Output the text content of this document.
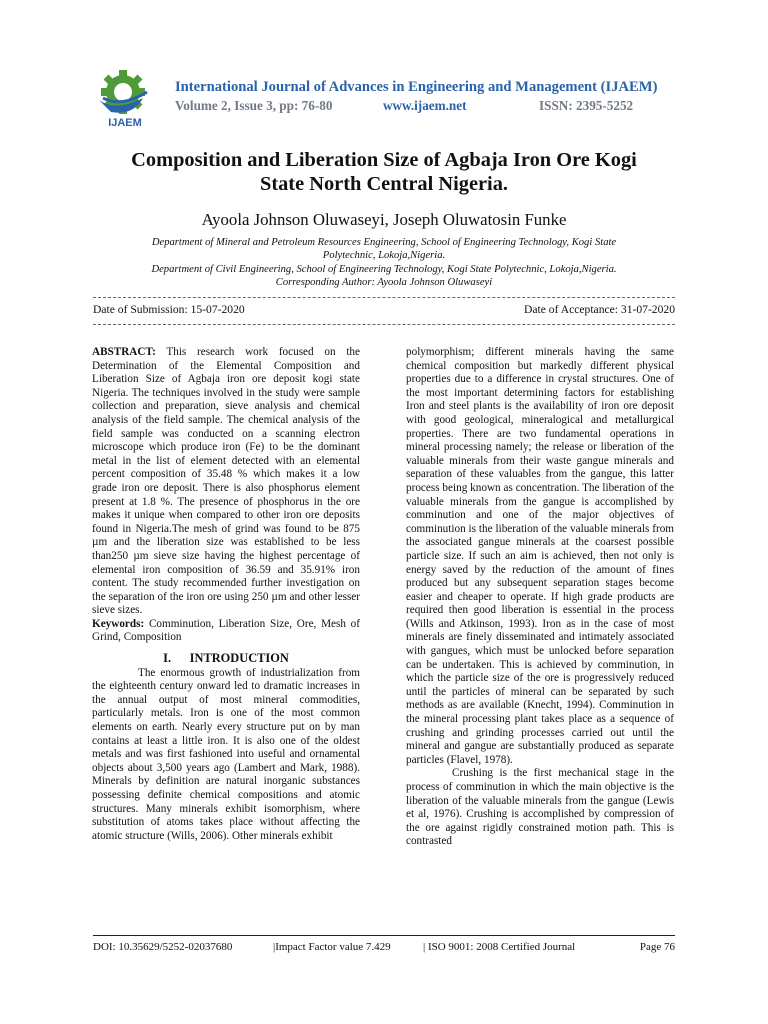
IJAEM
International Journal of Advances in Engineering and Management (IJAEM)
Volume 2, Issue 3, pp: 76-80	www.ijaem.net	ISSN: 2395-5252
Composition and Liberation Size of Agbaja Iron Ore Kogi
State North Central Nigeria.
Ayoola Johnson Oluwaseyi, Joseph Oluwatosin Funke
Department of Mineral and Petroleum Resources Engineering, School of Engineering Technology, Kogi State
Polytechnic, Lokoja,Nigeria.
Department of Civil Engineering, School of Engineering Technology, Kogi State Polytechnic, Lokoja,Nigeria.
Corresponding Author: Ayoola Johnson Oluwaseyi
Date of Submission: 15-07-2020	Date of Acceptance: 31-07-2020

ABSTRACT: This research work focused on the Determination of the Elemental Composition and Liberation Size of Agbaja iron ore deposit kogi state Nigeria. The techniques involved in the study were sample collection and preparation, sieve analysis and chemical analysis of the field sample. The chemical analysis of the field sample was conducted on a scanning electron microscope which produce iron (Fe) to be the dominant metal in the list of element detected with an elemental percent composition of 35.48 % which makes it a low grade iron ore deposit. There is also phosphorus element present at 1.8 %. The presence of phosphorus in the ore makes it unique when compared to other iron ore deposits found in Nigeria.The mesh of grind was found to be 875 µm and the liberation size was established to be less than250 µm sieve size having the highest percentage of elemental iron composition of 36.59 and 35.91% iron content. The study recommended further investigation on the separation of the iron ore using 250 µm and other lesser sieve sizes.

Keywords: Comminution, Liberation Size, Ore, Mesh of Grind, Composition

I.      INTRODUCTION

The enormous growth of industrialization from the eighteenth century onward led to dramatic increases in the annual output of most mineral commodities, particularly metals. Iron is one of the most common elements on earth. Nearly every structure put on by man contains at least a little iron. It is also one of the oldest metals and was first fashioned into useful and ornamental objects about 3,500 years ago (Lambert and Mark, 1988). Minerals by definition are natural inorganic substances possessing definite chemical compositions and atomic structures. Many minerals exhibit isomorphism, where substitution of atoms takes place without affecting the atomic structure (Wills, 2006). Other minerals exhibit

polymorphism; different minerals having the same chemical composition but markedly different physical properties due to a difference in crystal structures. One of the most important determining factors for establishing Iron and steel plants is the availability of iron ore deposit with good geological, mineralogical and metallurgical properties. There are two fundamental operations in mineral processing namely; the release or liberation of the valuable minerals from their waste gangue minerals and separation of these valuables from the gangue, this latter process being known as concentration. The liberation of the valuable minerals from the gangue is accomplished by comminution and one of the major objectives of comminution is the liberation of the valuable minerals from the associated gangue minerals at the coarsest possible particle size. If such an aim is achieved, then not only is energy saved by the reduction of the amount of fines produced but any subsequent separation stages become easier and cheaper to operate. If high grade products are required then good liberation is essential in the process (Wills and Atkinson, 1993). Iron as in the case of most minerals are finely disseminated and intimately associated with gangues, which must be unlocked before separation can be undertaken. This is achieved by comminution, in which the particle size of the ore is progressively reduced until the particles of mineral can be separated by such methods as are available (Knecht, 1994). Comminution in the mineral processing plant takes place as a sequence of crushing and grinding processes carried out until the mineral and gangue are substantially produced as separate particles (Flavel, 1978).

Crushing is the first mechanical stage in the process of comminution in which the main objective is the liberation of the valuable minerals from the gangue (Lewis et al, 1976). Crushing is accomplished by compression of the ore against rigidly constrained motion path. This is contrasted

DOI: 10.35629/5252-02037680	|Impact Factor value 7.429	| ISO 9001: 2008 Certified Journal	Page 76
